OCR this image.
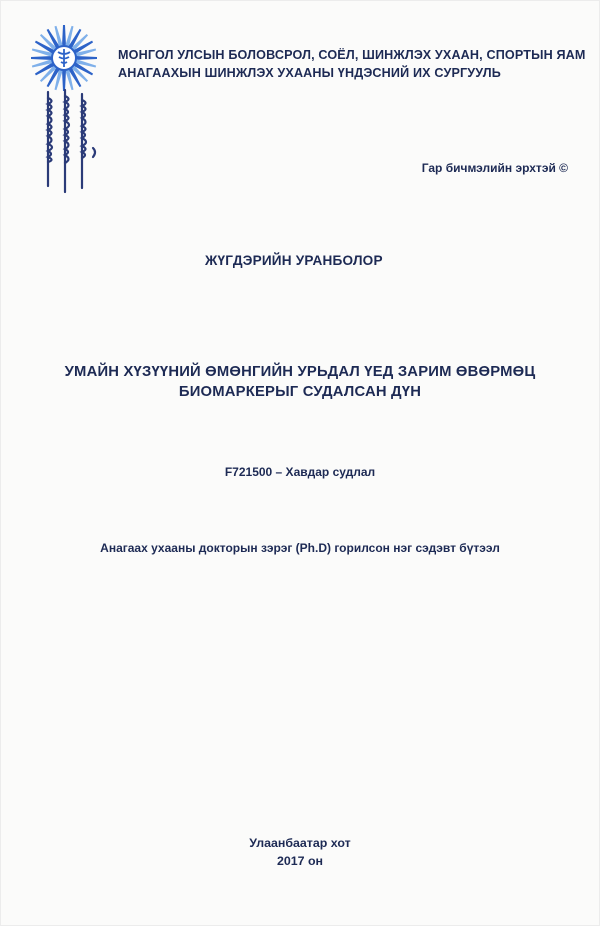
МОНГОЛ УЛСЫН БОЛОВСРОЛ, СОЁЛ, ШИНЖЛЭХ УХААН, СПОРТЫН ЯАМ
АНАГААХЫН ШИНЖЛЭХ УХААНЫ ҮНДЭСНИЙ ИХ СУРГУУЛЬ
Гар бичмэлийн эрхтэй ©
ЖҮГДЭРИЙН УРАНБОЛОР
УМАЙН ХҮЗҮҮНИЙ ӨМӨНГИЙН УРЬДАЛ ҮЕД ЗАРИМ ӨВӨРМӨЦ
БИОМАРКЕРЫГ СУДАЛСАН ДҮН
F721500 – Хавдар судлал
Анагаах ухааны докторын зэрэг (Ph.D) горилсон нэг сэдэвт бүтээл
Улаанбаатар хот
2017 он
